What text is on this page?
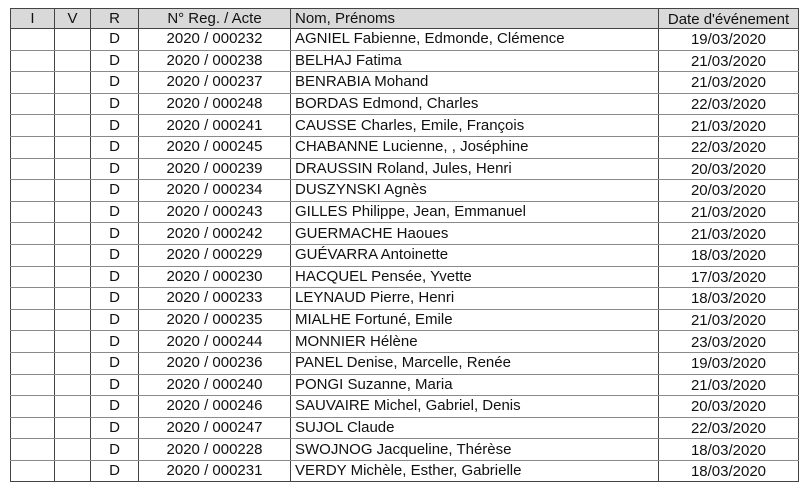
I	V	R	N° Reg. / Acte	Nom, Prénoms	Date d'événement
		D	2020 / 000232	AGNIEL Fabienne, Edmonde, Clémence	19/03/2020
		D	2020 / 000238	BELHAJ Fatima	21/03/2020
		D	2020 / 000237	BENRABIA Mohand	21/03/2020
		D	2020 / 000248	BORDAS Edmond, Charles	22/03/2020
		D	2020 / 000241	CAUSSE Charles, Emile, François	21/03/2020
		D	2020 / 000245	CHABANNE Lucienne, , Joséphine	22/03/2020
		D	2020 / 000239	DRAUSSIN Roland, Jules, Henri	20/03/2020
		D	2020 / 000234	DUSZYNSKI Agnès	20/03/2020
		D	2020 / 000243	GILLES Philippe, Jean, Emmanuel	21/03/2020
		D	2020 / 000242	GUERMACHE Haoues	21/03/2020
		D	2020 / 000229	GUÉVARRA Antoinette	18/03/2020
		D	2020 / 000230	HACQUEL Pensée, Yvette	17/03/2020
		D	2020 / 000233	LEYNAUD Pierre, Henri	18/03/2020
		D	2020 / 000235	MIALHE Fortuné, Emile	21/03/2020
		D	2020 / 000244	MONNIER Hélène	23/03/2020
		D	2020 / 000236	PANEL Denise, Marcelle, Renée	19/03/2020
		D	2020 / 000240	PONGI Suzanne, Maria	21/03/2020
		D	2020 / 000246	SAUVAIRE Michel, Gabriel, Denis	20/03/2020
		D	2020 / 000247	SUJOL Claude	22/03/2020
		D	2020 / 000228	SWOJNOG Jacqueline, Thérèse	18/03/2020
		D	2020 / 000231	VERDY Michèle, Esther, Gabrielle	18/03/2020
